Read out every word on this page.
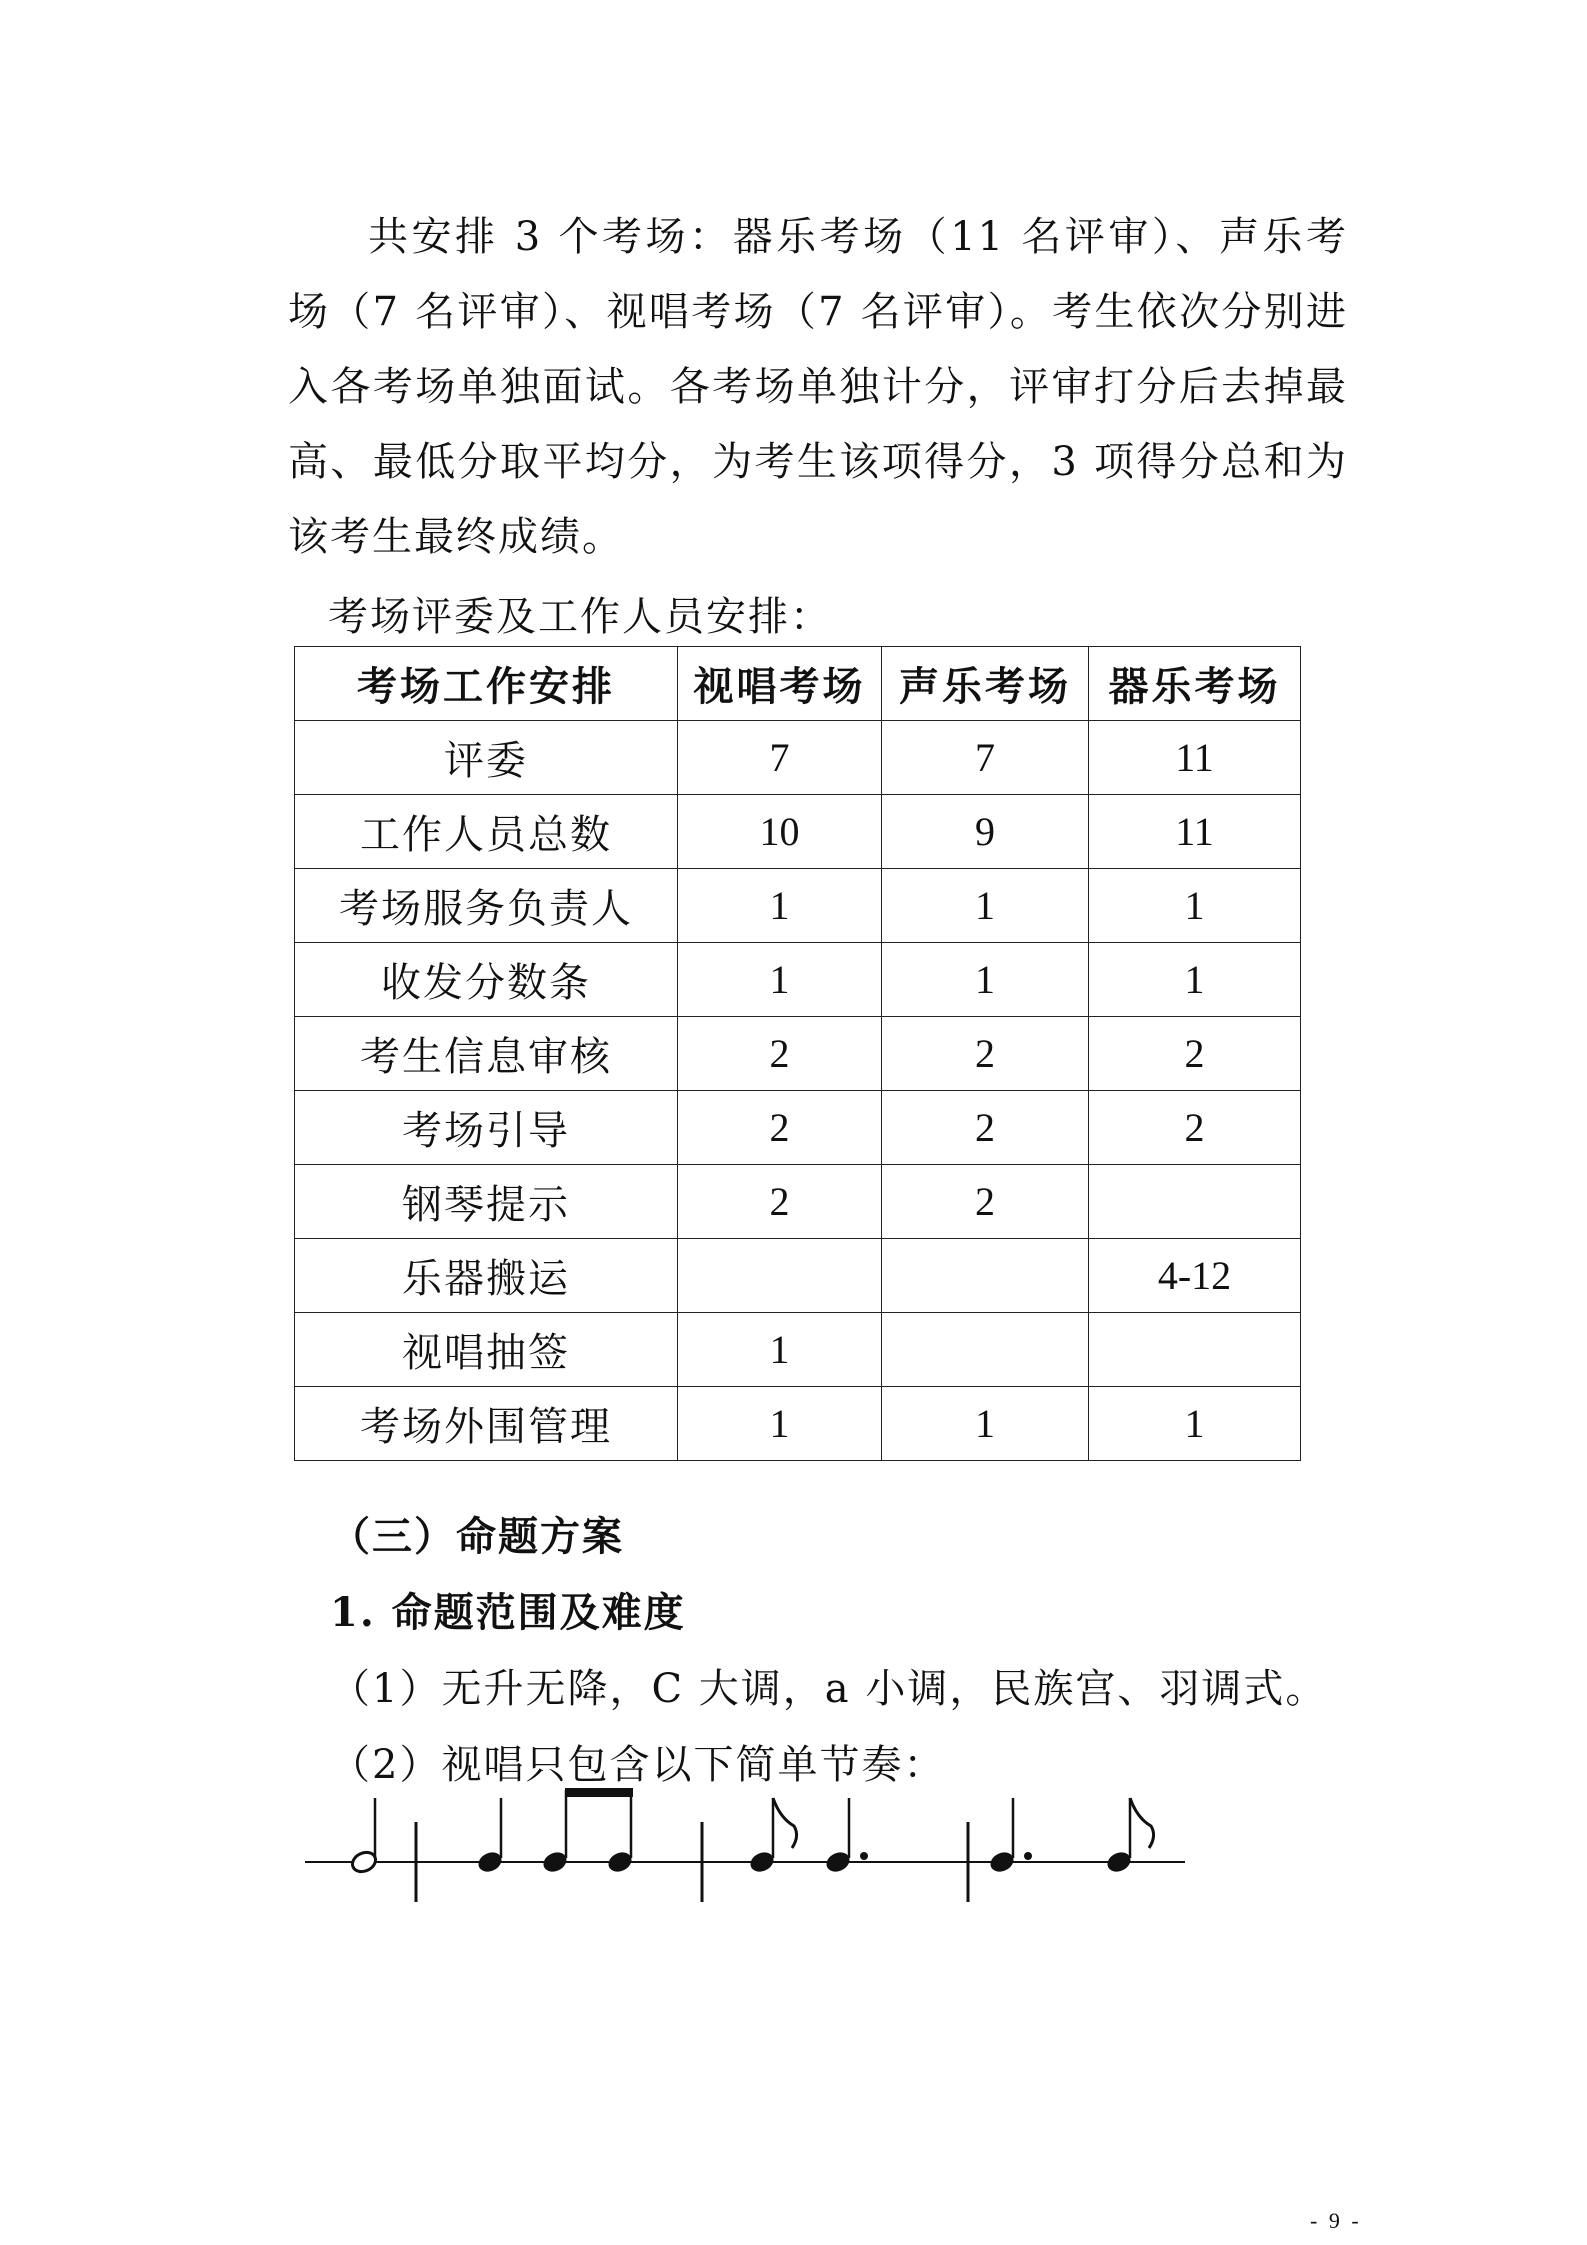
共安排 3 个考场：器乐考场（11 名评审）、声乐考场（7 名评审）、视唱考场（7 名评审）。考生依次分别进入各考场单独面试。各考场单独计分，评审打分后去掉最高、最低分取平均分，为考生该项得分，3 项得分总和为该考生最终成绩。

考场评委及工作人员安排：

考场工作安排	视唱考场	声乐考场	器乐考场
评委	7	7	11
工作人员总数	10	9	11
考场服务负责人	1	1	1
收发分数条	1	1	1
考生信息审核	2	2	2
考场引导	2	2	2
钢琴提示	2	2	
乐器搬运			4-12
视唱抽签	1		
考场外围管理	1	1	1

（三）命题方案

1. 命题范围及难度

（1）无升无降，C 大调，a 小调，民族宫、羽调式。

（2）视唱只包含以下简单节奏：

- 9 -
